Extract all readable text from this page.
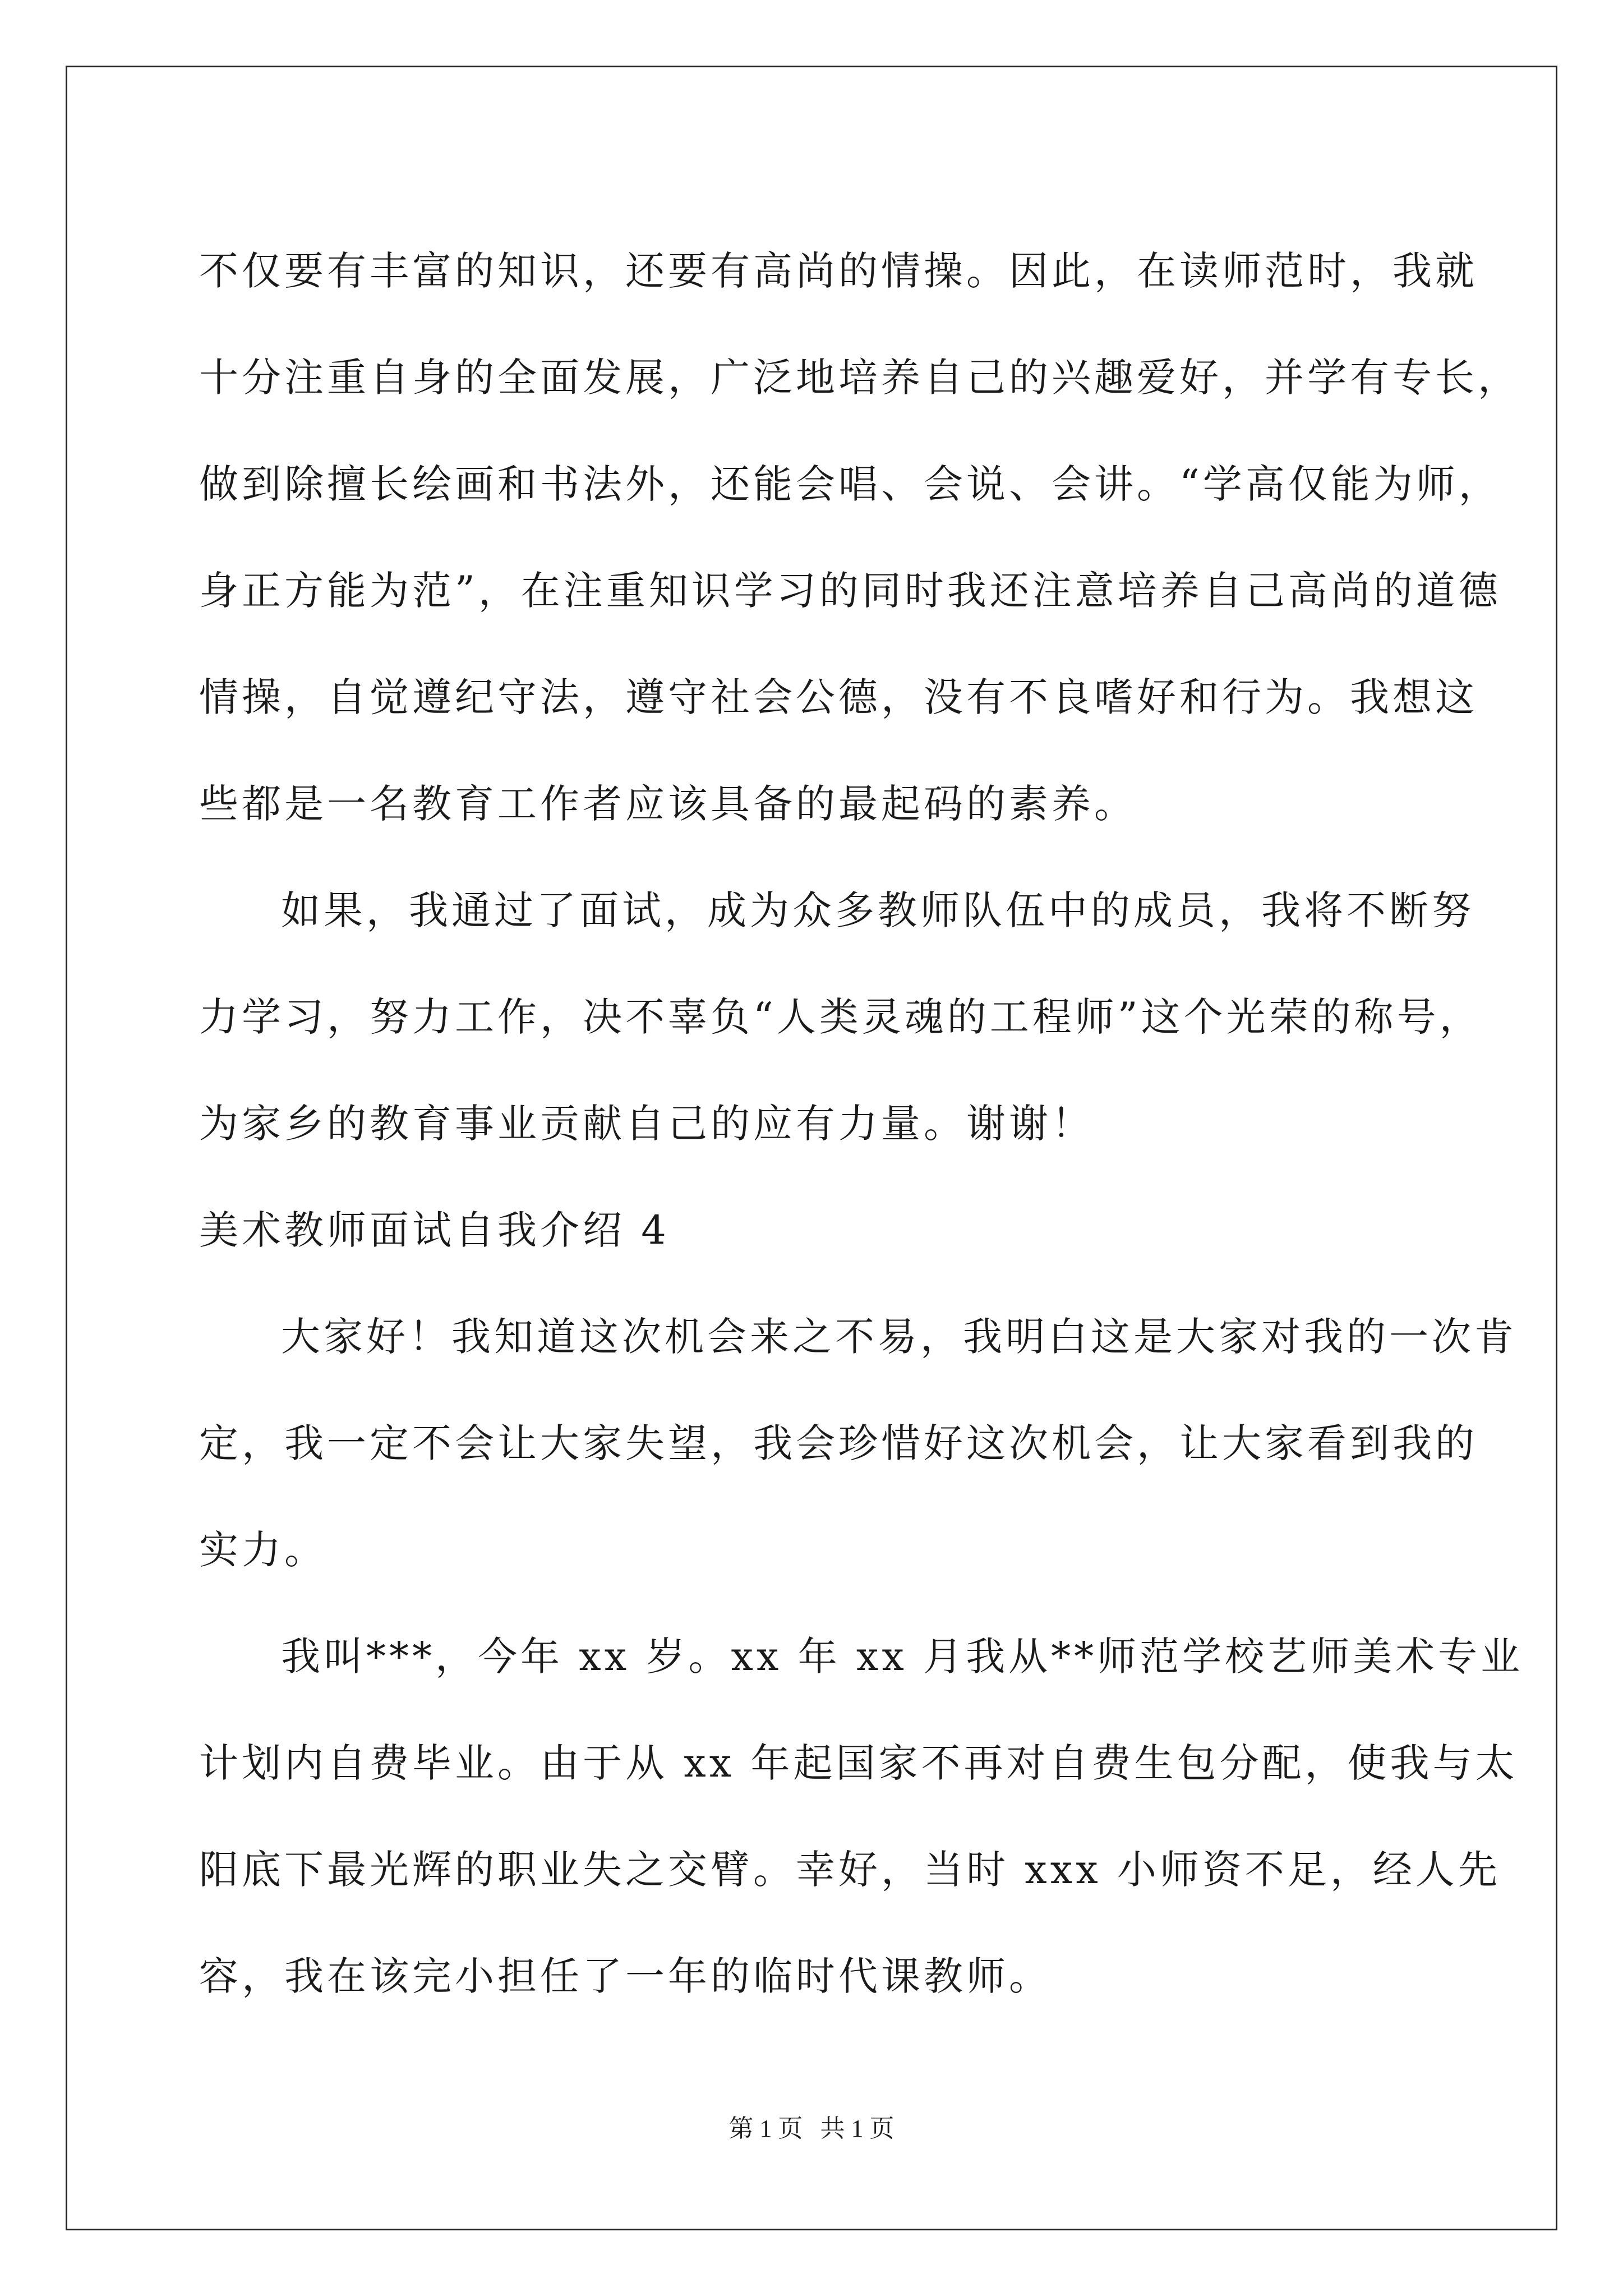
不仅要有丰富的知识，还要有高尚的情操。因此，在读师范时，我就
十分注重自身的全面发展，广泛地培养自己的兴趣爱好，并学有专长，
做到除擅长绘画和书法外，还能会唱、会说、会讲。“学高仅能为师，
身正方能为范”，在注重知识学习的同时我还注意培养自己高尚的道德
情操，自觉遵纪守法，遵守社会公德，没有不良嗜好和行为。我想这
些都是一名教育工作者应该具备的最起码的素养。
如果，我通过了面试，成为众多教师队伍中的成员，我将不断努
力学习，努力工作，决不辜负“人类灵魂的工程师”这个光荣的称号，
为家乡的教育事业贡献自己的应有力量。谢谢！
美术教师面试自我介绍 4
大家好！我知道这次机会来之不易，我明白这是大家对我的一次肯
定，我一定不会让大家失望，我会珍惜好这次机会，让大家看到我的
实力。
我叫***，今年 xx 岁。xx 年 xx 月我从**师范学校艺师美术专业
计划内自费毕业。由于从 xx 年起国家不再对自费生包分配，使我与太
阳底下最光辉的职业失之交臂。幸好，当时 xxx 小师资不足，经人先
容，我在该完小担任了一年的临时代课教师。
第 1 页 共 1 页
